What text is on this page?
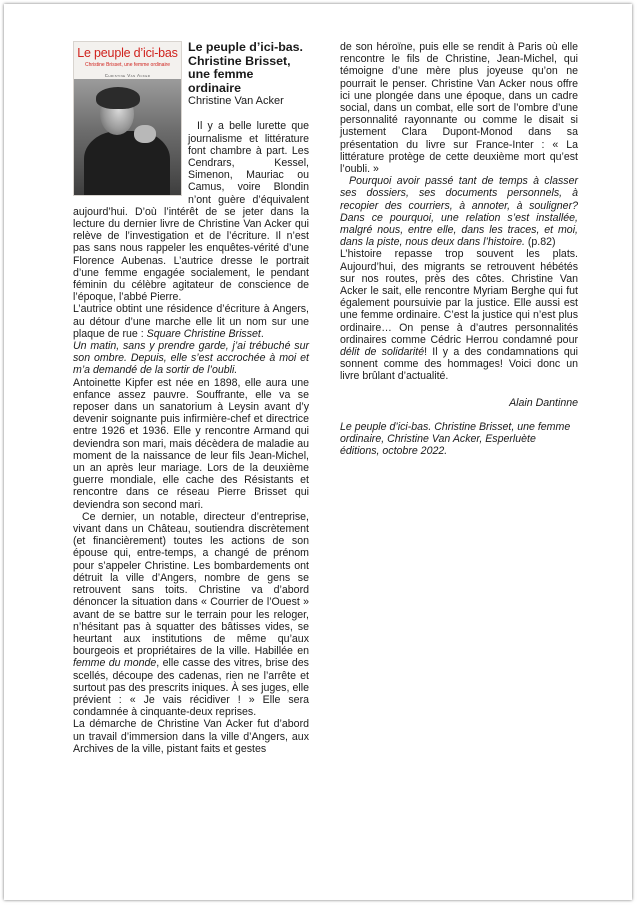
Le peuple d’ici-bas
Christine Brisset, une femme ordinaire
Christine Van Acker
Le peuple d’ici-bas.
Christine Brisset,
une femme ordinaire
Christine Van Acker

Il y a belle lurette que journalisme et littérature font chambre à part. Les Cendrars, Kessel, Simenon, Mauriac ou Camus, voire Blondin n’ont guère d’équivalent aujourd’hui. D’où l’intérêt de se jeter dans la lecture du dernier livre de Christine Van Acker qui relève de l’investigation et de l’écriture. Il n’est pas sans nous rappeler les enquêtes-vérité d’une Florence Aubenas. L’autrice dresse le portrait d’une femme engagée socialement, le pendant féminin du célèbre agitateur de conscience de l’époque, l’abbé Pierre.

L’autrice obtint une résidence d’écriture à Angers, au détour d’une marche elle lit un nom sur une plaque de rue : Square Christine Brisset.

Un matin, sans y prendre garde, j’ai trébuché sur son ombre. Depuis, elle s’est accrochée à moi et m’a demandé de la sortir de l’oubli.

Antoinette Kipfer est née en 1898, elle aura une enfance assez pauvre. Souffrante, elle va se reposer dans un sanatorium à Leysin avant d’y devenir soignante puis infirmière-chef et directrice entre 1926 et 1936. Elle y rencontre Armand qui deviendra son mari, mais décèdera de maladie au moment de la naissance de leur fils Jean-Michel, un an après leur mariage. Lors de la deuxième guerre mondiale, elle cache des Résistants et rencontre dans ce réseau Pierre Brisset qui deviendra son second mari.

Ce dernier, un notable, directeur d’entreprise, vivant dans un Château, soutiendra discrètement (et financièrement) toutes les actions de son épouse qui, entre-temps, a changé de prénom pour s’appeler Christine. Les bombardements ont détruit la ville d’Angers, nombre de gens se retrouvent sans toits. Christine va d’abord dénoncer la situation dans « Courrier de l’Ouest » avant de se battre sur le terrain pour les reloger, n’hésitant pas à squatter des bâtisses vides, se heurtant aux institutions de même qu’aux bourgeois et propriétaires de la ville. Habillée en femme du monde, elle casse des vitres, brise des scellés, découpe des cadenas, rien ne l’arrête et surtout pas des prescrits iniques. À ses juges, elle prévient : « Je vais récidiver ! » Elle sera condamnée à cinquante-deux reprises.

La démarche de Christine Van Acker fut d’abord un travail d’immersion dans la ville d’Angers, aux Archives de la ville, pistant faits et gestes

de son héroïne, puis elle se rendit à Paris où elle rencontre le fils de Christine, Jean-Michel, qui témoigne d’une mère plus joyeuse qu’on ne pourrait le penser. Christine Van Acker nous offre ici une plongée dans une époque, dans un cadre social, dans un combat, elle sort de l’ombre d’une personnalité rayonnante ou comme le disait si justement Clara Dupont-Monod dans sa présentation du livre sur France-Inter : « La littérature protège de cette deuxième mort qu’est l’oubli. »

Pourquoi avoir passé tant de temps à classer ses dossiers, ses documents personnels, à recopier des courriers, à annoter, à souligner? Dans ce pourquoi, une relation s’est installée, malgré nous, entre elle, dans les traces, et moi, dans la piste, nous deux dans l’histoire. (p.82)

L’histoire repasse trop souvent les plats. Aujourd’hui, des migrants se retrouvent hébétés sur nos routes, près des côtes. Christine Van Acker le sait, elle rencontre Myriam Berghe qui fut également poursuivie par la justice. Elle aussi est une femme ordinaire. C’est la justice qui n’est plus ordinaire… On pense à d’autres personnalités ordinaires comme Cédric Herrou condamné pour délit de solidarité! Il y a des condamnations qui sonnent comme des hommages! Voici donc un livre brûlant d’actualité.

Alain Dantinne

Le peuple d’ici-bas. Christine Brisset, une femme ordinaire, Christine Van Acker, Esperluète éditions, octobre 2022.
